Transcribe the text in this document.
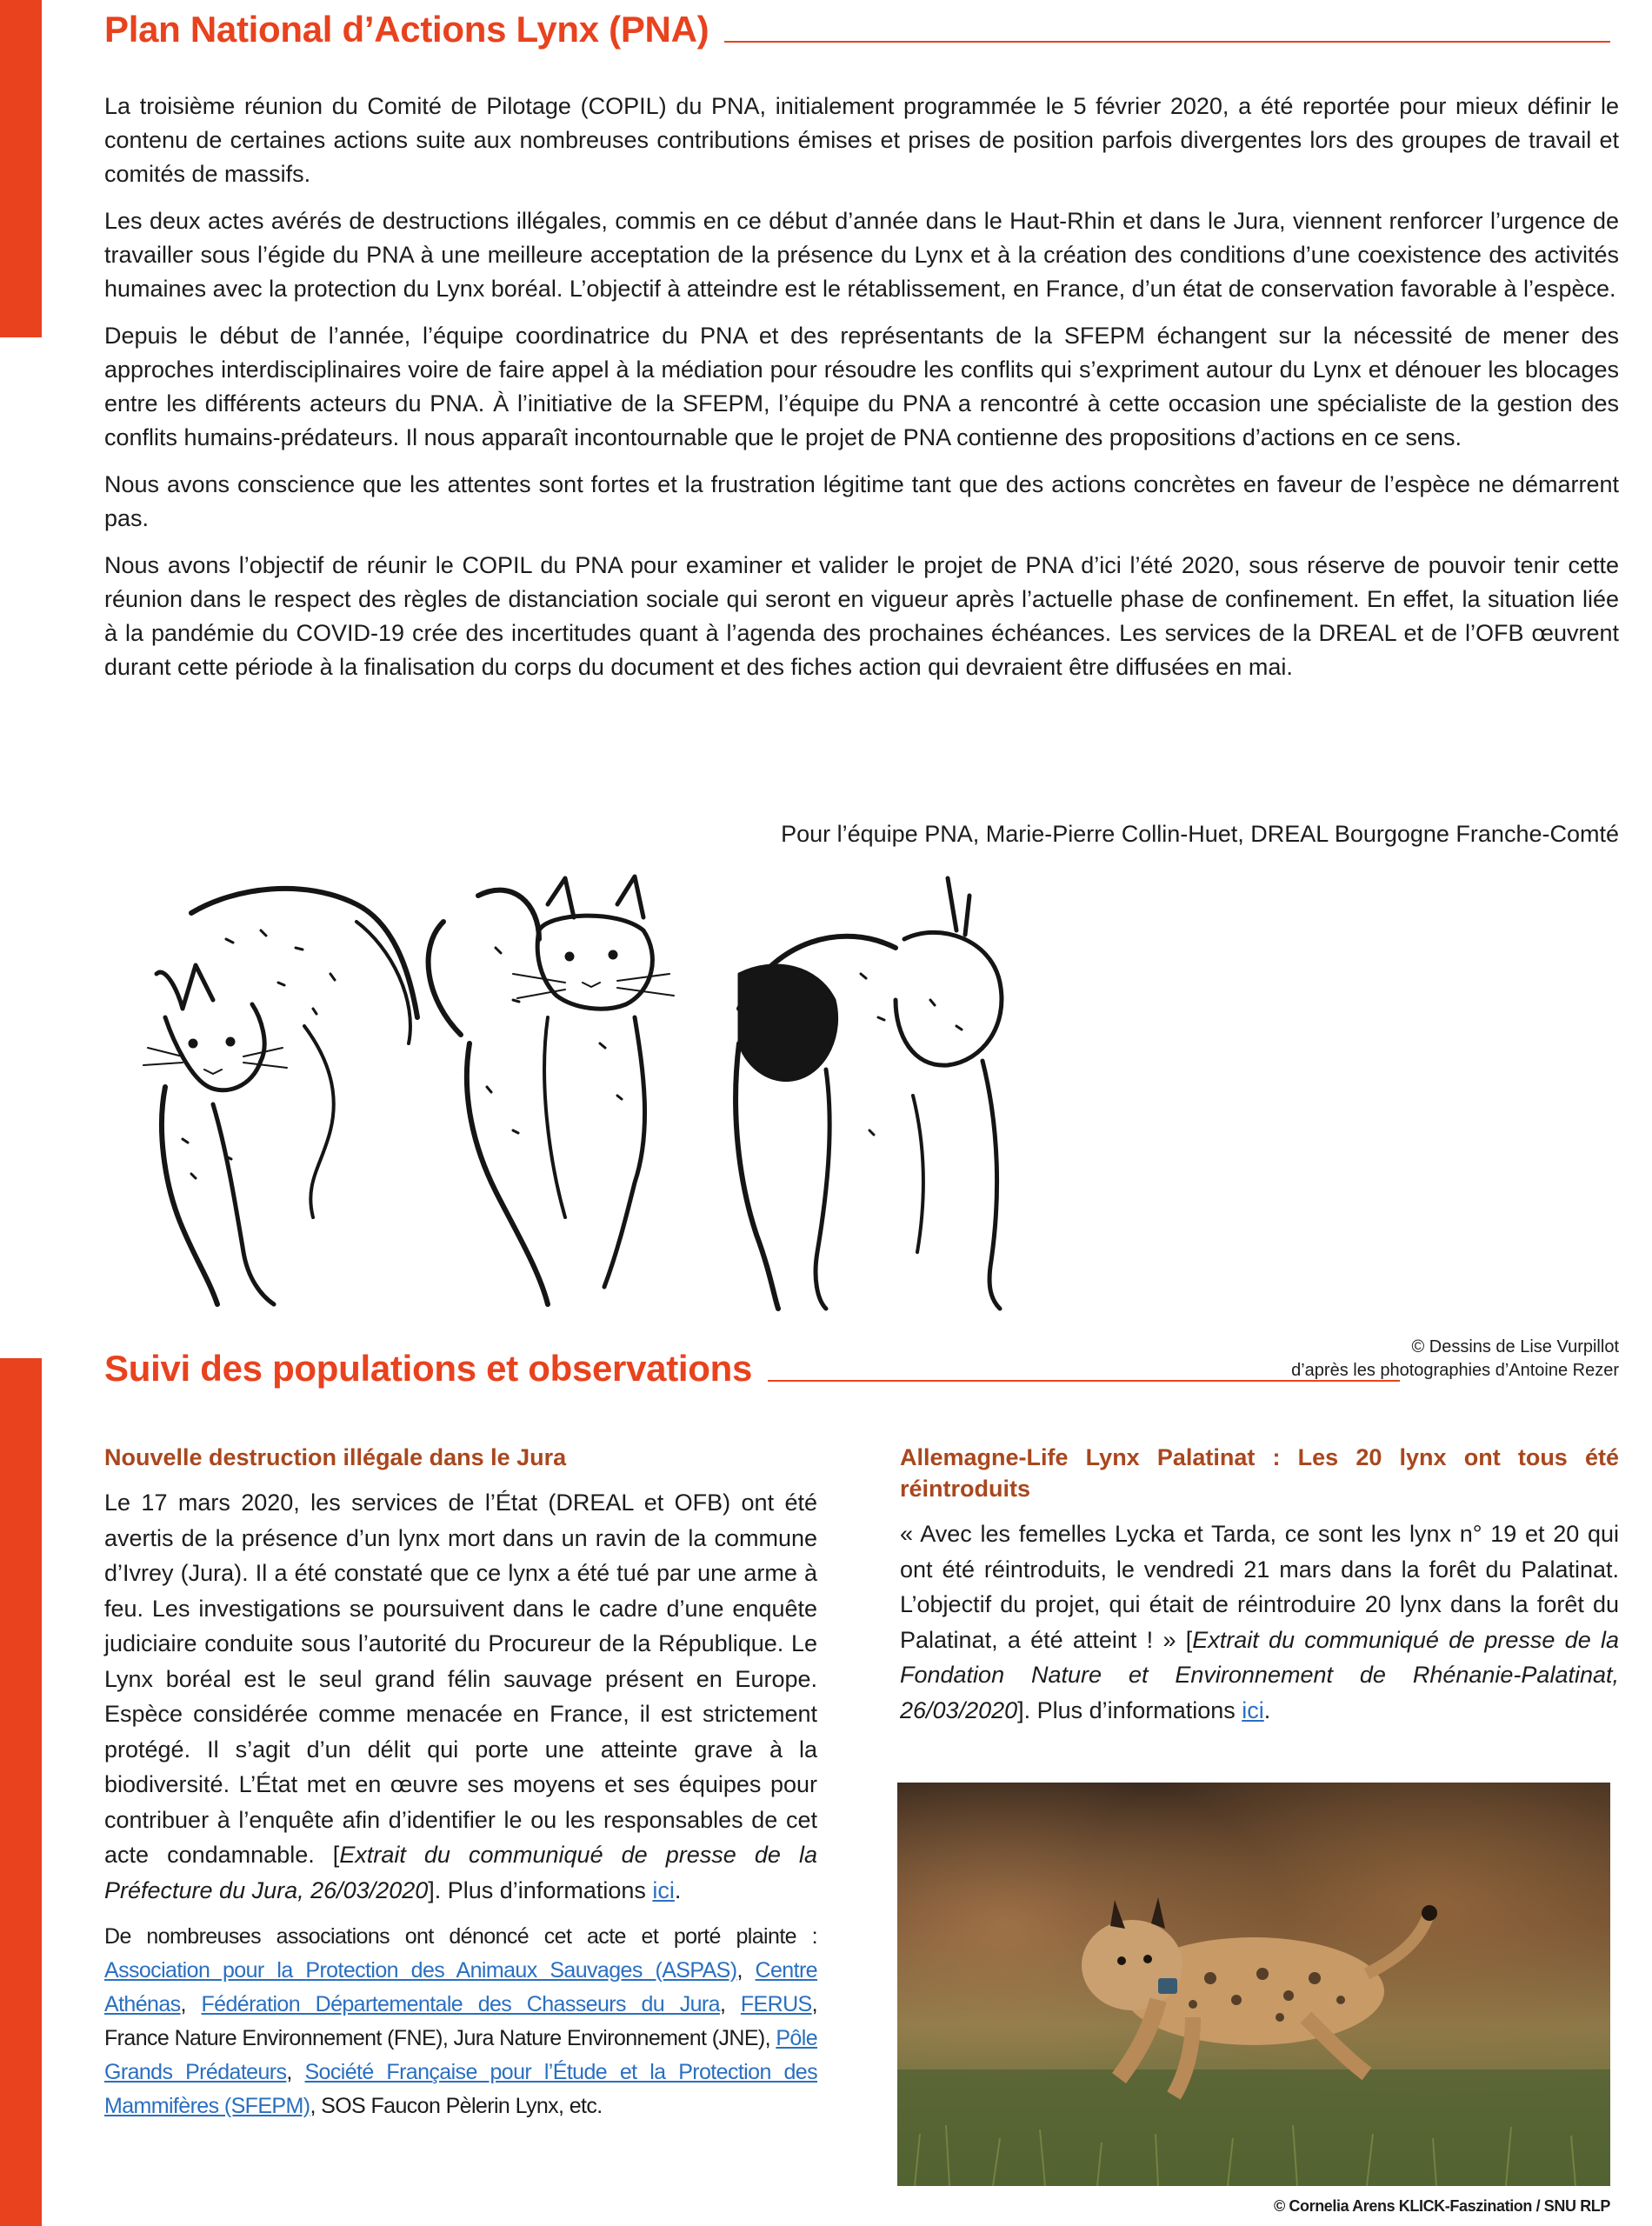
Plan National d’Actions Lynx (PNA)

La troisième réunion du Comité de Pilotage (COPIL) du PNA, initialement programmée le 5 février 2020, a été reportée pour mieux définir le contenu de certaines actions suite aux nombreuses contributions émises et prises de position parfois divergentes lors des groupes de travail et comités de massifs.

Les deux actes avérés de destructions illégales, commis en ce début d’année dans le Haut-Rhin et dans le Jura, viennent renforcer l’urgence de travailler sous l’égide du PNA à une meilleure acceptation de la présence du Lynx et à la création des conditions d’une coexistence des activités humaines avec la protection du Lynx boréal. L’objectif à atteindre est le rétablissement, en France, d’un état de conservation favorable à l’espèce.

Depuis le début de l’année, l’équipe coordinatrice du PNA et des représentants de la SFEPM échangent sur la nécessité de mener des approches interdisciplinaires voire de faire appel à la médiation pour résoudre les conflits qui s’expriment autour du Lynx et dénouer les blocages entre les différents acteurs du PNA. À l’initiative de la SFEPM, l’équipe du PNA a rencontré à cette occasion une spécialiste de la gestion des conflits humains-prédateurs. Il nous apparaît incontournable que le projet de PNA contienne des propositions d’actions en ce sens.

Nous avons conscience que les attentes sont fortes et la frustration légitime tant que des actions concrètes en faveur de l’espèce ne démarrent pas.

Nous avons l’objectif de réunir le COPIL du PNA pour examiner et valider le projet de PNA d’ici l’été 2020, sous réserve de pouvoir tenir cette réunion dans le respect des règles de distanciation sociale qui seront en vigueur après l’actuelle phase de confinement. En effet, la situation liée à la pandémie du COVID-19 crée des incertitudes quant à l’agenda des prochaines échéances. Les services de la DREAL et de l’OFB œuvrent durant cette période à la finalisation du corps du document et des fiches action qui devraient être diffusées en mai.

Pour l’équipe PNA, Marie-Pierre Collin-Huet, DREAL Bourgogne Franche-Comté
© Dessins de Lise Vurpillot
d’après les photographies d’Antoine Rezer
Suivi des populations et observations
Nouvelle destruction illégale dans le Jura

Le 17 mars 2020, les services de l’État (DREAL et OFB) ont été avertis de la présence d’un lynx mort dans un ravin de la commune d’Ivrey (Jura). Il a été constaté que ce lynx a été tué par une arme à feu. Les investigations se poursuivent dans le cadre d’une enquête judiciaire conduite sous l’autorité du Procureur de la République. Le Lynx boréal est le seul grand félin sauvage présent en Europe. Espèce considérée comme menacée en France, il est strictement protégé. Il s’agit d’un délit qui porte une atteinte grave à la biodiversité. L’État met en œuvre ses moyens et ses équipes pour contribuer à l’enquête afin d’identifier le ou les responsables de cet acte condamnable. [Extrait du communiqué de presse de la Préfecture du Jura, 26/03/2020]. Plus d’informations ici.

De nombreuses associations ont dénoncé cet acte et porté plainte : Association pour la Protection des Animaux Sauvages (ASPAS), Centre Athénas, Fédération Départementale des Chasseurs du Jura, FERUS, France Nature Environnement (FNE), Jura Nature Environnement (JNE), Pôle Grands Prédateurs, Société Française pour l’Étude et la Protection des Mammifères (SFEPM), SOS Faucon Pèlerin Lynx, etc.

Allemagne-Life Lynx Palatinat : Les 20 lynx ont tous été réintroduits

« Avec les femelles Lycka et Tarda, ce sont les lynx n° 19 et 20 qui ont été réintroduits, le vendredi 21 mars dans la forêt du Palatinat. L’objectif du projet, qui était de réintroduire 20 lynx dans la forêt du Palatinat, a été atteint ! » [Extrait du communiqué de presse de la Fondation Nature et Environnement de Rhénanie-Palatinat, 26/03/2020]. Plus d’informations ici.

© Cornelia Arens KLICK-Faszination / SNU RLP
